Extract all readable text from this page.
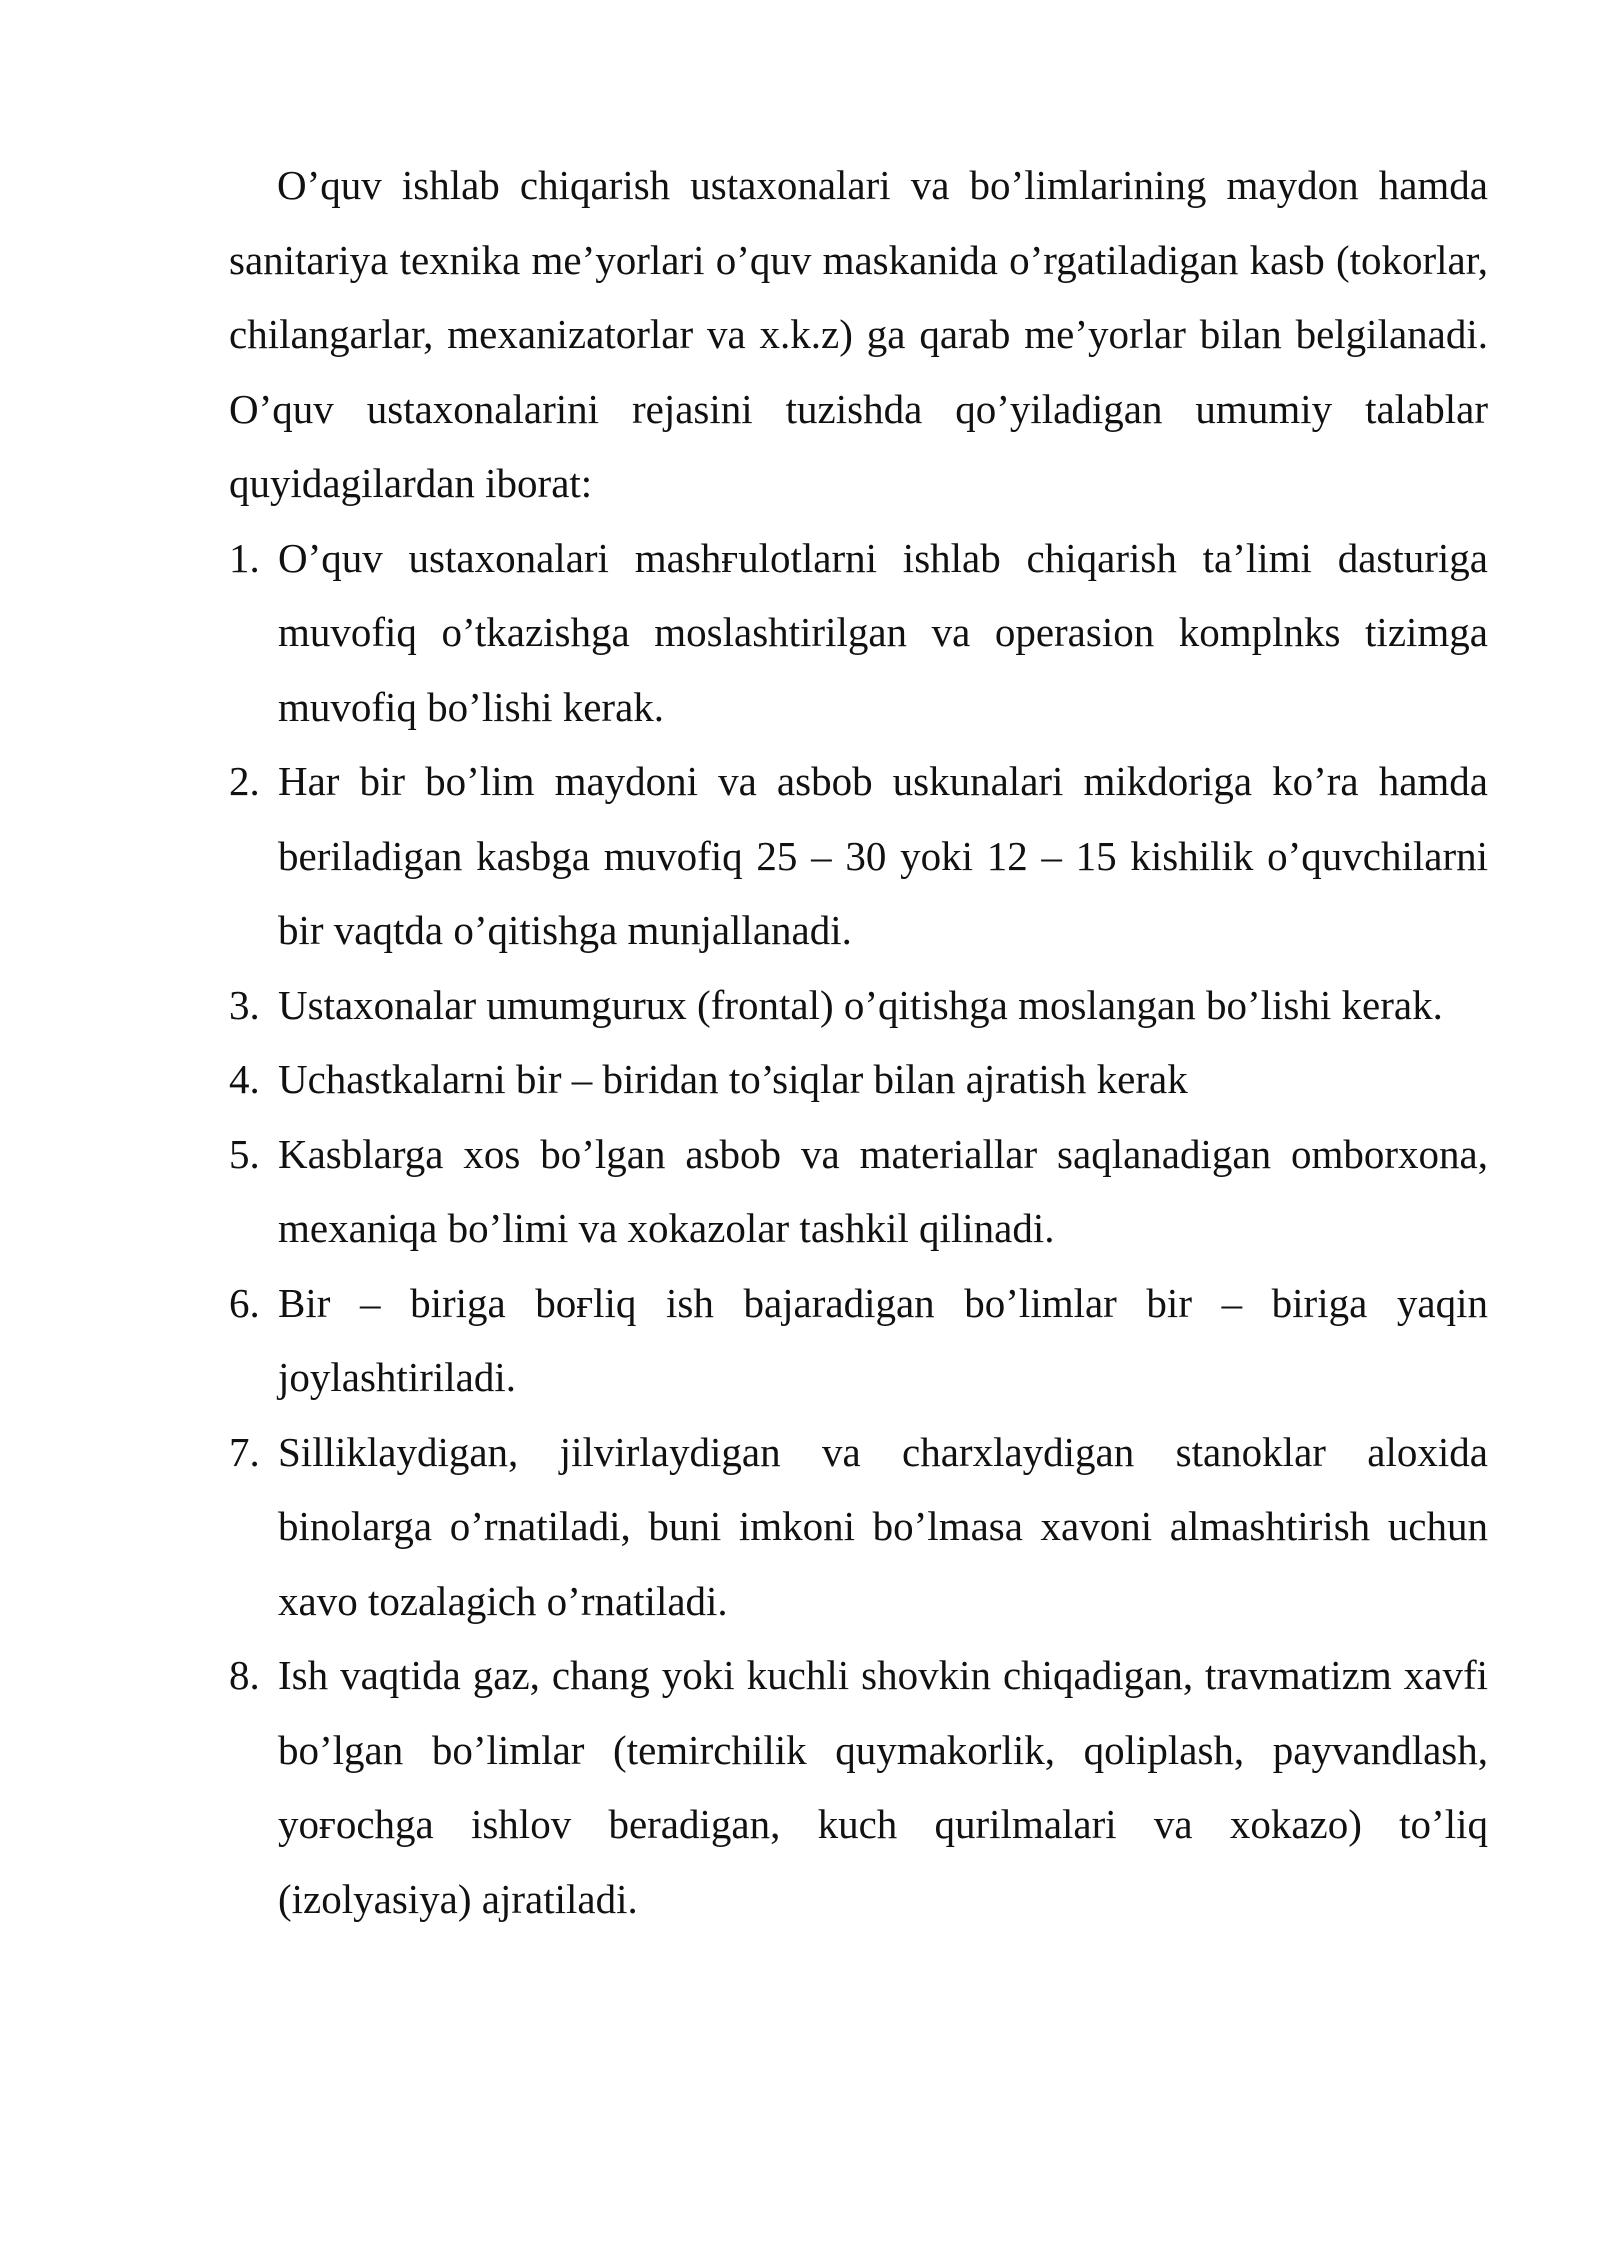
O’quv ishlab chiqarish ustaxonalari va bo’limlarining maydon hamda sanitariya texnika me’yorlari o’quv maskanida o’rgatiladigan kasb (tokorlar, chilangarlar, mexanizatorlar va x.k.z) ga qarab me’yorlar bilan belgilanadi. O’quv ustaxonalarini rejasini tuzishda qo’yiladigan umumiy talablar quyidagilardan iborat:

1. O’quv ustaxonalari mashғulotlarni ishlab chiqarish ta’limi dasturiga muvofiq o’tkazishga moslashtirilgan va operasion komplnks tizimga muvofiq bo’lishi kerak.
2. Har bir bo’lim maydoni va asbob uskunalari mikdoriga ko’ra hamda beriladigan kasbga muvofiq 25 – 30 yoki 12 – 15 kishilik o’quvchilarni bir vaqtda o’qitishga munjallanadi.
3. Ustaxonalar umumgurux (frontal) o’qitishga moslangan bo’lishi kerak.
4. Uchastkalarni bir – biridan to’siqlar bilan ajratish kerak
5. Kasblarga xos bo’lgan asbob va materiallar saqlanadigan omborxona, mexaniqa bo’limi va xokazolar tashkil qilinadi.
6. Bir – biriga boғliq ish bajaradigan bo’limlar bir – biriga yaqin joylashtiriladi.
7. Silliklaydigan, jilvirlaydigan va charxlaydigan stanoklar aloxida binolarga o’rnatiladi, buni imkoni bo’lmasa xavoni almashtirish uchun xavo tozalagich o’rnatiladi.
8. Ish vaqtida gaz, chang yoki kuchli shovkin chiqadigan, travmatizm xavfi bo’lgan bo’limlar (temirchilik quymakorlik, qoliplash, payvandlash, yoғochga ishlov beradigan, kuch qurilmalari va xokazo) to’liq (izolyasiya) ajratiladi.
